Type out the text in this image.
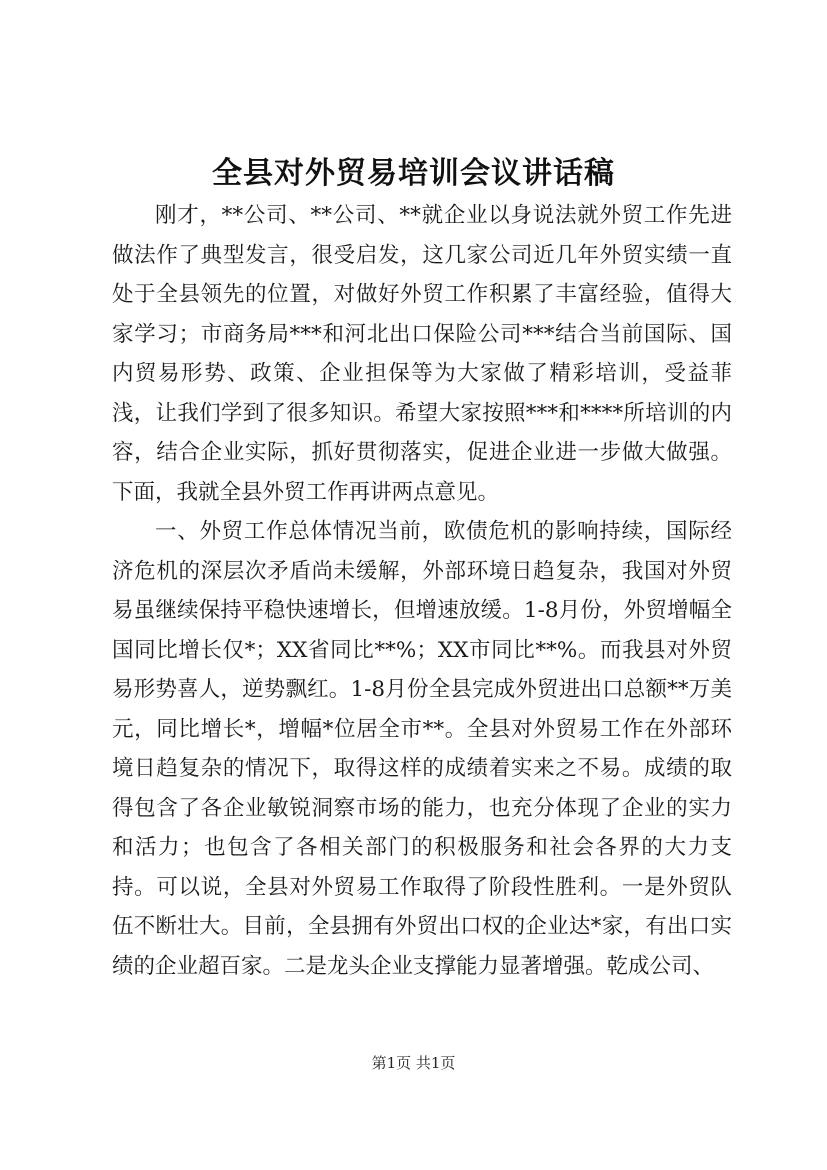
全县对外贸易培训会议讲话稿

刚才，**公司、**公司、**就企业以身说法就外贸工作先进做法作了典型发言，很受启发，这几家公司近几年外贸实绩一直处于全县领先的位置，对做好外贸工作积累了丰富经验，值得大家学习；市商务局***和河北出口保险公司***结合当前国际、国内贸易形势、政策、企业担保等为大家做了精彩培训，受益菲浅，让我们学到了很多知识。希望大家按照***和****所培训的内容，结合企业实际，抓好贯彻落实，促进企业进一步做大做强。下面，我就全县外贸工作再讲两点意见。

一、外贸工作总体情况当前，欧债危机的影响持续，国际经济危机的深层次矛盾尚未缓解，外部环境日趋复杂，我国对外贸易虽继续保持平稳快速增长，但增速放缓。1-8月份，外贸增幅全国同比增长仅*；XX省同比**%；XX市同比**%。而我县对外贸易形势喜人，逆势飘红。1-8月份全县完成外贸进出口总额**万美元，同比增长*，增幅*位居全市**。全县对外贸易工作在外部环境日趋复杂的情况下，取得这样的成绩着实来之不易。成绩的取得包含了各企业敏锐洞察市场的能力，也充分体现了企业的实力和活力；也包含了各相关部门的积极服务和社会各界的大力支持。可以说，全县对外贸易工作取得了阶段性胜利。一是外贸队伍不断壮大。目前，全县拥有外贸出口权的企业达*家，有出口实绩的企业超百家。二是龙头企业支撑能力显著增强。乾成公司、

第1页 共1页
